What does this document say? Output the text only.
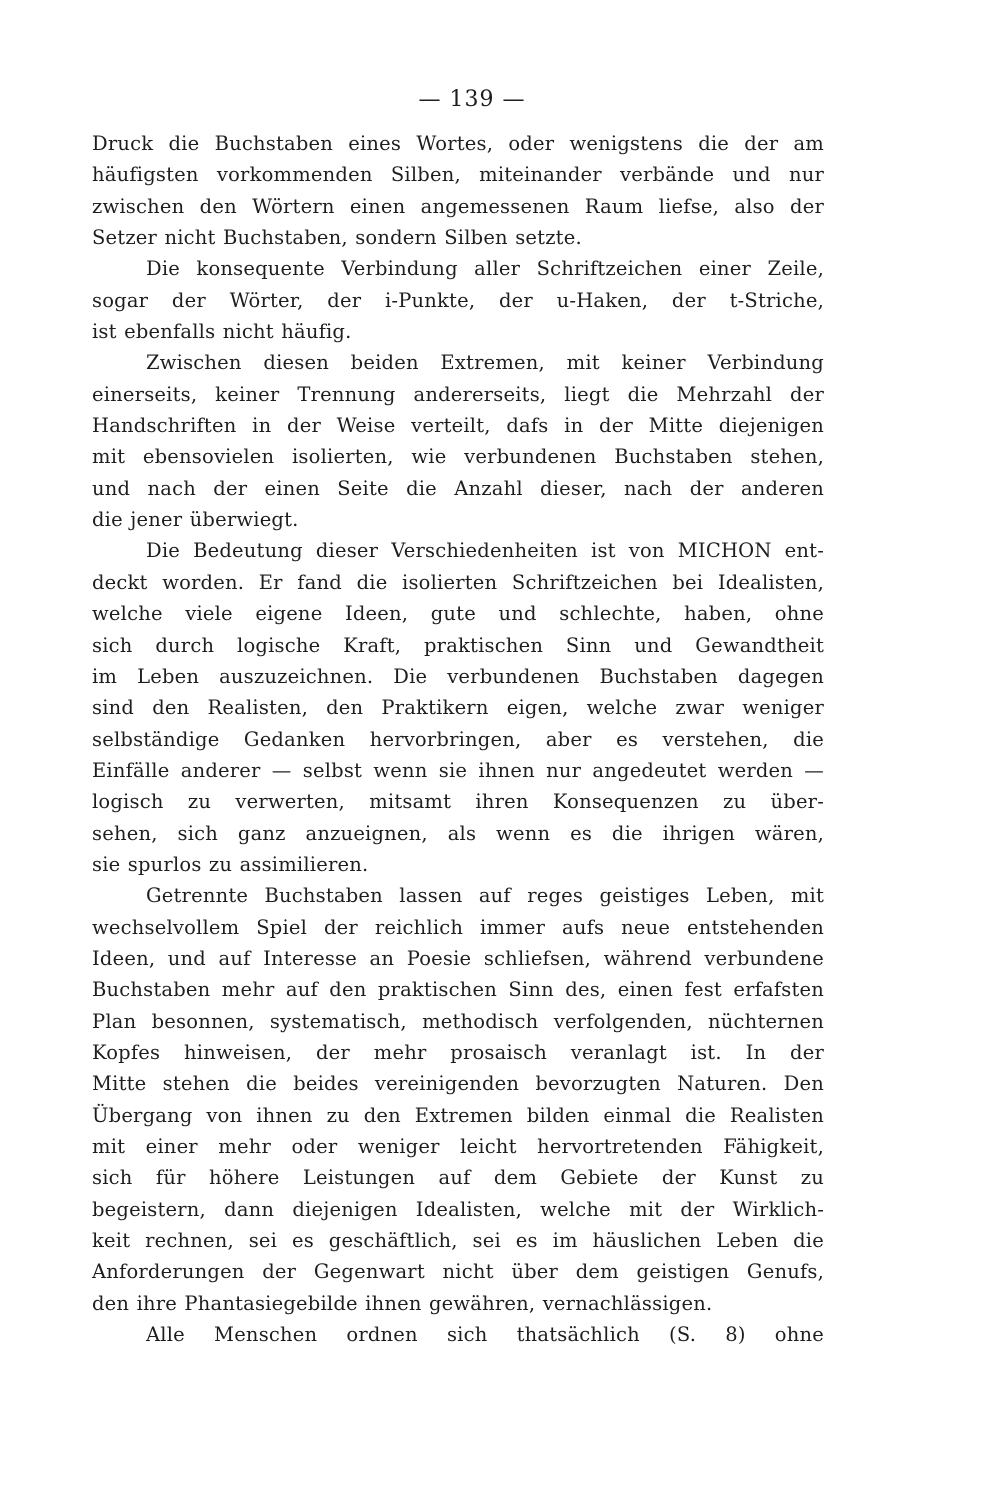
— 139 —
Druck die Buchstaben eines Wortes, oder wenigstens die der am
häufigsten vorkommenden Silben, miteinander verbände und nur
zwischen den Wörtern einen angemessenen Raum liefse, also der
Setzer nicht Buchstaben, sondern Silben setzte.
Die konsequente Verbindung aller Schriftzeichen einer Zeile,
sogar der Wörter, der i-Punkte, der u-Haken, der t-Striche,
ist ebenfalls nicht häufig.
Zwischen diesen beiden Extremen, mit keiner Verbindung
einerseits, keiner Trennung andererseits, liegt die Mehrzahl der
Handschriften in der Weise verteilt, dafs in der Mitte diejenigen
mit ebensovielen isolierten, wie verbundenen Buchstaben stehen,
und nach der einen Seite die Anzahl dieser, nach der anderen
die jener überwiegt.
Die Bedeutung dieser Verschiedenheiten ist von MICHON ent-
deckt worden. Er fand die isolierten Schriftzeichen bei Idealisten,
welche viele eigene Ideen, gute und schlechte, haben, ohne
sich durch logische Kraft, praktischen Sinn und Gewandtheit
im Leben auszuzeichnen. Die verbundenen Buchstaben dagegen
sind den Realisten, den Praktikern eigen, welche zwar weniger
selbständige Gedanken hervorbringen, aber es verstehen, die
Einfälle anderer — selbst wenn sie ihnen nur angedeutet werden —
logisch zu verwerten, mitsamt ihren Konsequenzen zu über-
sehen, sich ganz anzueignen, als wenn es die ihrigen wären,
sie spurlos zu assimilieren.
Getrennte Buchstaben lassen auf reges geistiges Leben, mit
wechselvollem Spiel der reichlich immer aufs neue entstehenden
Ideen, und auf Interesse an Poesie schliefsen, während verbundene
Buchstaben mehr auf den praktischen Sinn des, einen fest erfafsten
Plan besonnen, systematisch, methodisch verfolgenden, nüchternen
Kopfes hinweisen, der mehr prosaisch veranlagt ist. In der
Mitte stehen die beides vereinigenden bevorzugten Naturen. Den
Übergang von ihnen zu den Extremen bilden einmal die Realisten
mit einer mehr oder weniger leicht hervortretenden Fähigkeit,
sich für höhere Leistungen auf dem Gebiete der Kunst zu
begeistern, dann diejenigen Idealisten, welche mit der Wirklich-
keit rechnen, sei es geschäftlich, sei es im häuslichen Leben die
Anforderungen der Gegenwart nicht über dem geistigen Genufs,
den ihre Phantasiegebilde ihnen gewähren, vernachlässigen.
Alle Menschen ordnen sich thatsächlich (S. 8) ohne
